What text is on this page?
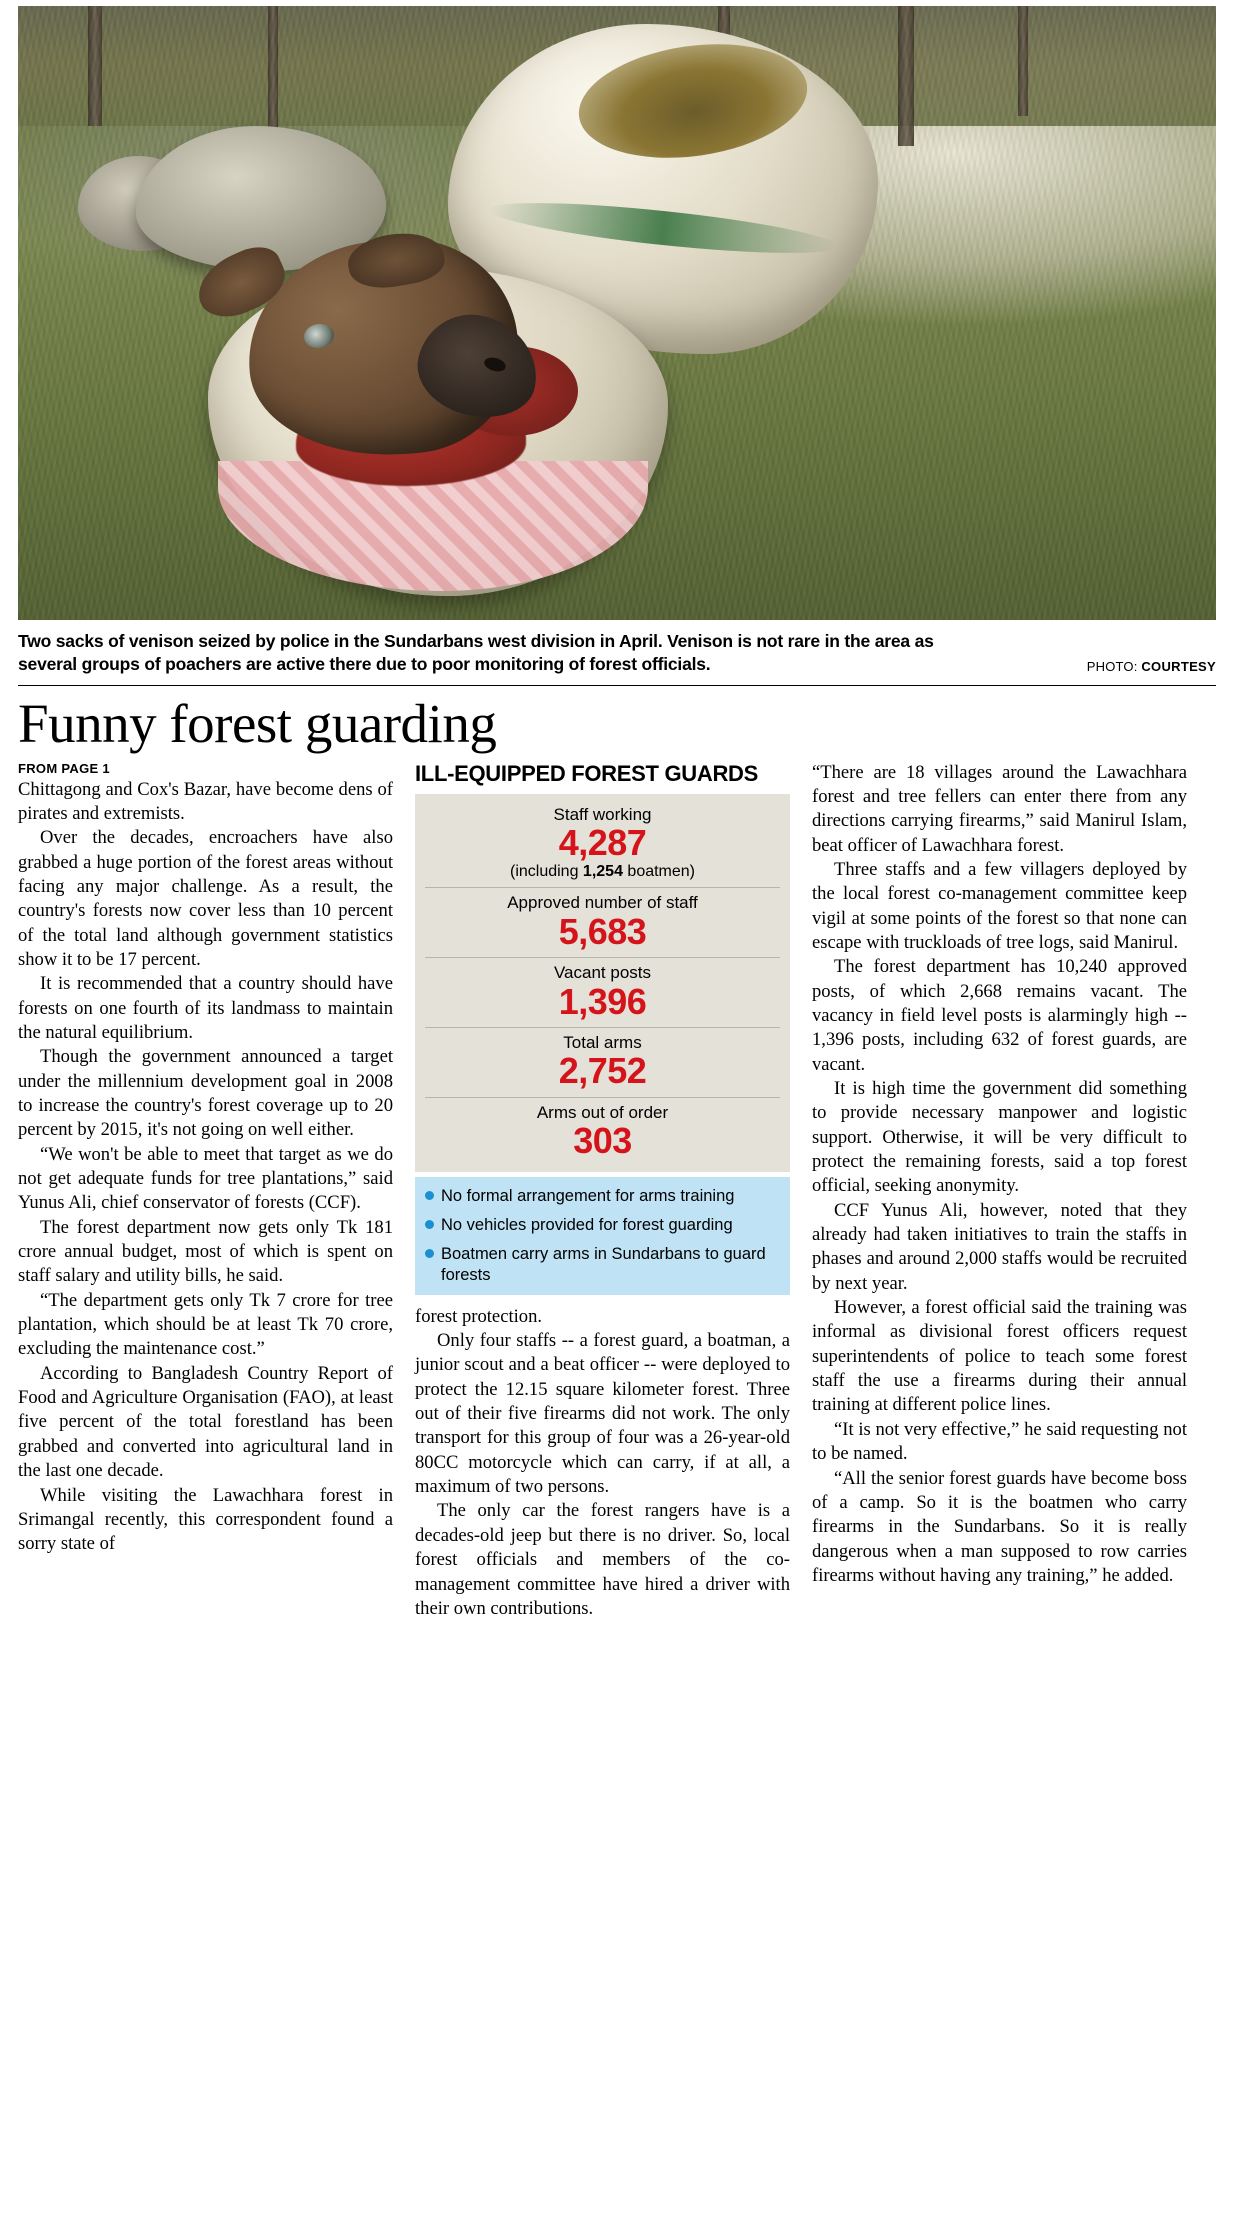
Two sacks of venison seized by police in the Sundarbans west division in April. Venison is not rare in the area as
several groups of poachers are active there due to poor monitoring of forest officials.	PHOTO: COURTESY
Funny forest guarding
FROM PAGE 1

Chittagong and Cox's Bazar, have become dens of pirates and extremists.

Over the decades, encroachers have also grabbed a huge portion of the forest areas without facing any major challenge. As a result, the country's forests now cover less than 10 percent of the total land although government statistics show it to be 17 percent.

It is recommended that a country should have forests on one fourth of its landmass to maintain the natural equilibrium.

Though the government announced a target under the millennium development goal in 2008 to increase the country's forest coverage up to 20 percent by 2015, it's not going on well either.

“We won't be able to meet that target as we do not get adequate funds for tree plantations,” said Yunus Ali, chief conservator of forests (CCF).

The forest department now gets only Tk 181 crore annual budget, most of which is spent on staff salary and utility bills, he said.

“The department gets only Tk 7 crore for tree plantation, which should be at least Tk 70 crore, excluding the maintenance cost.”

According to Bangladesh Country Report of Food and Agriculture Organisation (FAO), at least five percent of the total forestland has been grabbed and converted into agricultural land in the last one decade.

While visiting the Lawachhara forest in Srimangal recently, this correspondent found a sorry state of

ILL-EQUIPPED FOREST GUARDS
Staff working
4,287
(including 1,254 boatmen)
Approved number of staff
5,683
Vacant posts
1,396
Total arms
2,752
Arms out of order
303
No formal arrangement for arms training
No vehicles provided for forest guarding
Boatmen carry arms in Sundarbans to guard forests

forest protection.

Only four staffs -- a forest guard, a boatman, a junior scout and a beat officer -- were deployed to protect the 12.15 square kilometer forest. Three out of their five firearms did not work. The only transport for this group of four was a 26-year-old 80CC motorcycle which can carry, if at all, a maximum of two persons.

The only car the forest rangers have is a decades-old jeep but there is no driver. So, local forest officials and members of the co-management committee have hired a driver with their own contributions.

“There are 18 villages around the Lawachhara forest and tree fellers can enter there from any directions carrying firearms,” said Manirul Islam, beat officer of Lawachhara forest.

Three staffs and a few villagers deployed by the local forest co-management committee keep vigil at some points of the forest so that none can escape with truckloads of tree logs, said Manirul.

The forest department has 10,240 approved posts, of which 2,668 remains vacant. The vacancy in field level posts is alarmingly high -- 1,396 posts, including 632 of forest guards, are vacant.

It is high time the government did something to provide necessary manpower and logistic support. Otherwise, it will be very difficult to protect the remaining forests, said a top forest official, seeking anonymity.

CCF Yunus Ali, however, noted that they already had taken initiatives to train the staffs in phases and around 2,000 staffs would be recruited by next year.

However, a forest official said the training was informal as divisional forest officers request superintendents of police to teach some forest staff the use a firearms during their annual training at different police lines.

“It is not very effective,” he said requesting not to be named.

“All the senior forest guards have become boss of a camp. So it is the boatmen who carry firearms in the Sundarbans. So it is really dangerous when a man supposed to row carries firearms without having any training,” he added.
